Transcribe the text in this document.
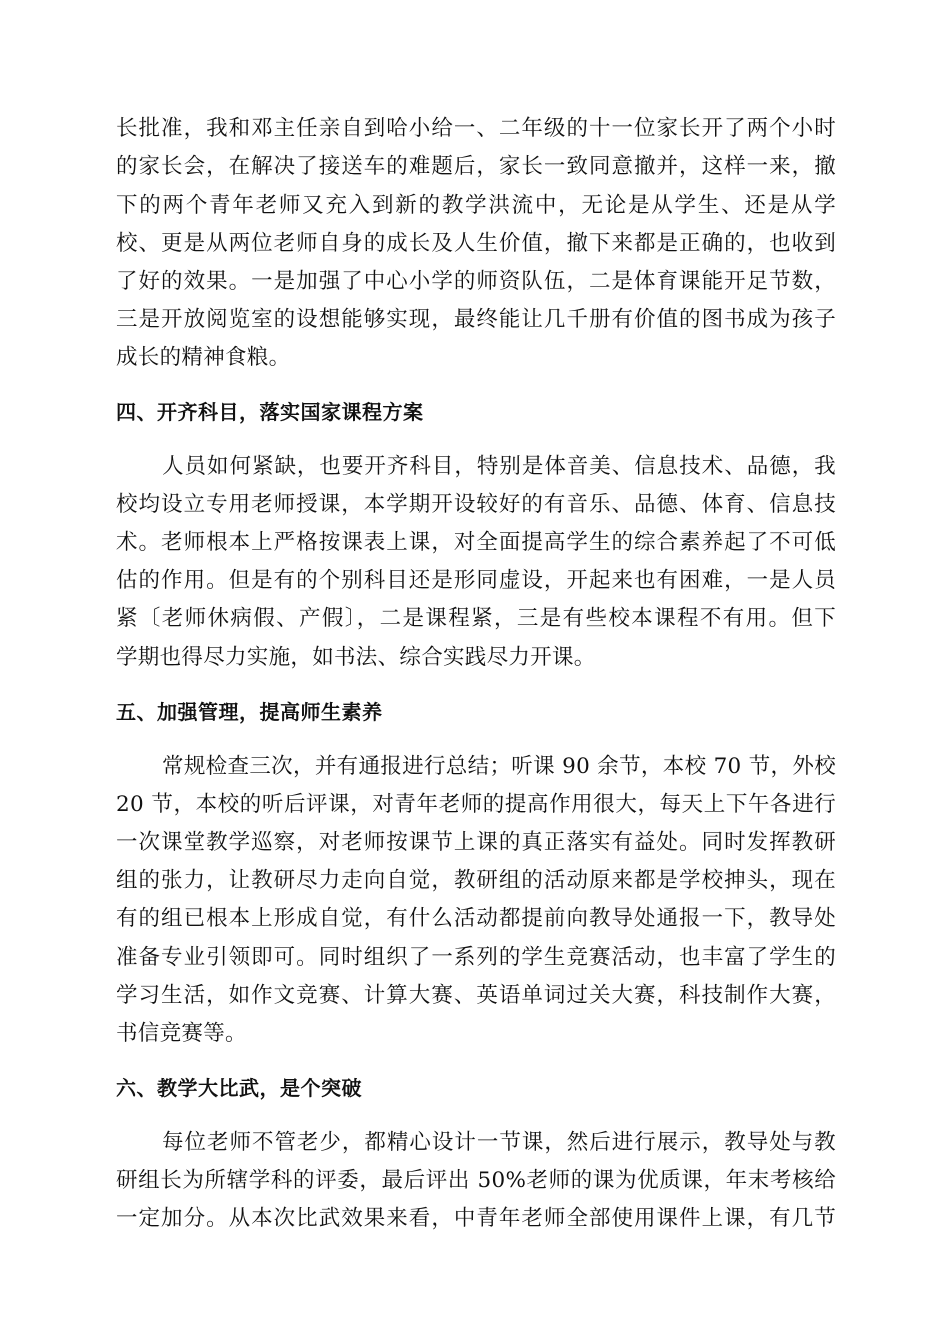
长批准，我和邓主任亲自到哈小给一、二年级的十一位家长开了两个小时
的家长会，在解决了接送车的难题后，家长一致同意撤并，这样一来，撤
下的两个青年老师又充入到新的教学洪流中，无论是从学生、还是从学
校、更是从两位老师自身的成长及人生价值，撤下来都是正确的，也收到
了好的效果。一是加强了中心小学的师资队伍，二是体育课能开足节数，
三是开放阅览室的设想能够实现，最终能让几千册有价值的图书成为孩子
成长的精神食粮。
四、开齐科目，落实国家课程方案
人员如何紧缺，也要开齐科目，特别是体音美、信息技术、品德，我
校均设立专用老师授课，本学期开设较好的有音乐、品德、体育、信息技
术。老师根本上严格按课表上课，对全面提高学生的综合素养起了不可低
估的作用。但是有的个别科目还是形同虚设，开起来也有困难，一是人员
紧〔老师休病假、产假〕，二是课程紧，三是有些校本课程不有用。但下
学期也得尽力实施，如书法、综合实践尽力开课。
五、加强管理，提高师生素养
常规检查三次，并有通报进行总结；听课 90 余节，本校 70 节，外校
20 节，本校的听后评课，对青年老师的提高作用很大，每天上下午各进行
一次课堂教学巡察，对老师按课节上课的真正落实有益处。同时发挥教研
组的张力，让教研尽力走向自觉，教研组的活动原来都是学校抻头，现在
有的组已根本上形成自觉，有什么活动都提前向教导处通报一下，教导处
准备专业引领即可。同时组织了一系列的学生竞赛活动，也丰富了学生的
学习生活，如作文竞赛、计算大赛、英语单词过关大赛，科技制作大赛，
书信竞赛等。
六、教学大比武，是个突破
每位老师不管老少，都精心设计一节课，然后进行展示，教导处与教
研组长为所辖学科的评委，最后评出 50%老师的课为优质课，年末考核给
一定加分。从本次比武效果来看，中青年老师全部使用课件上课，有几节
